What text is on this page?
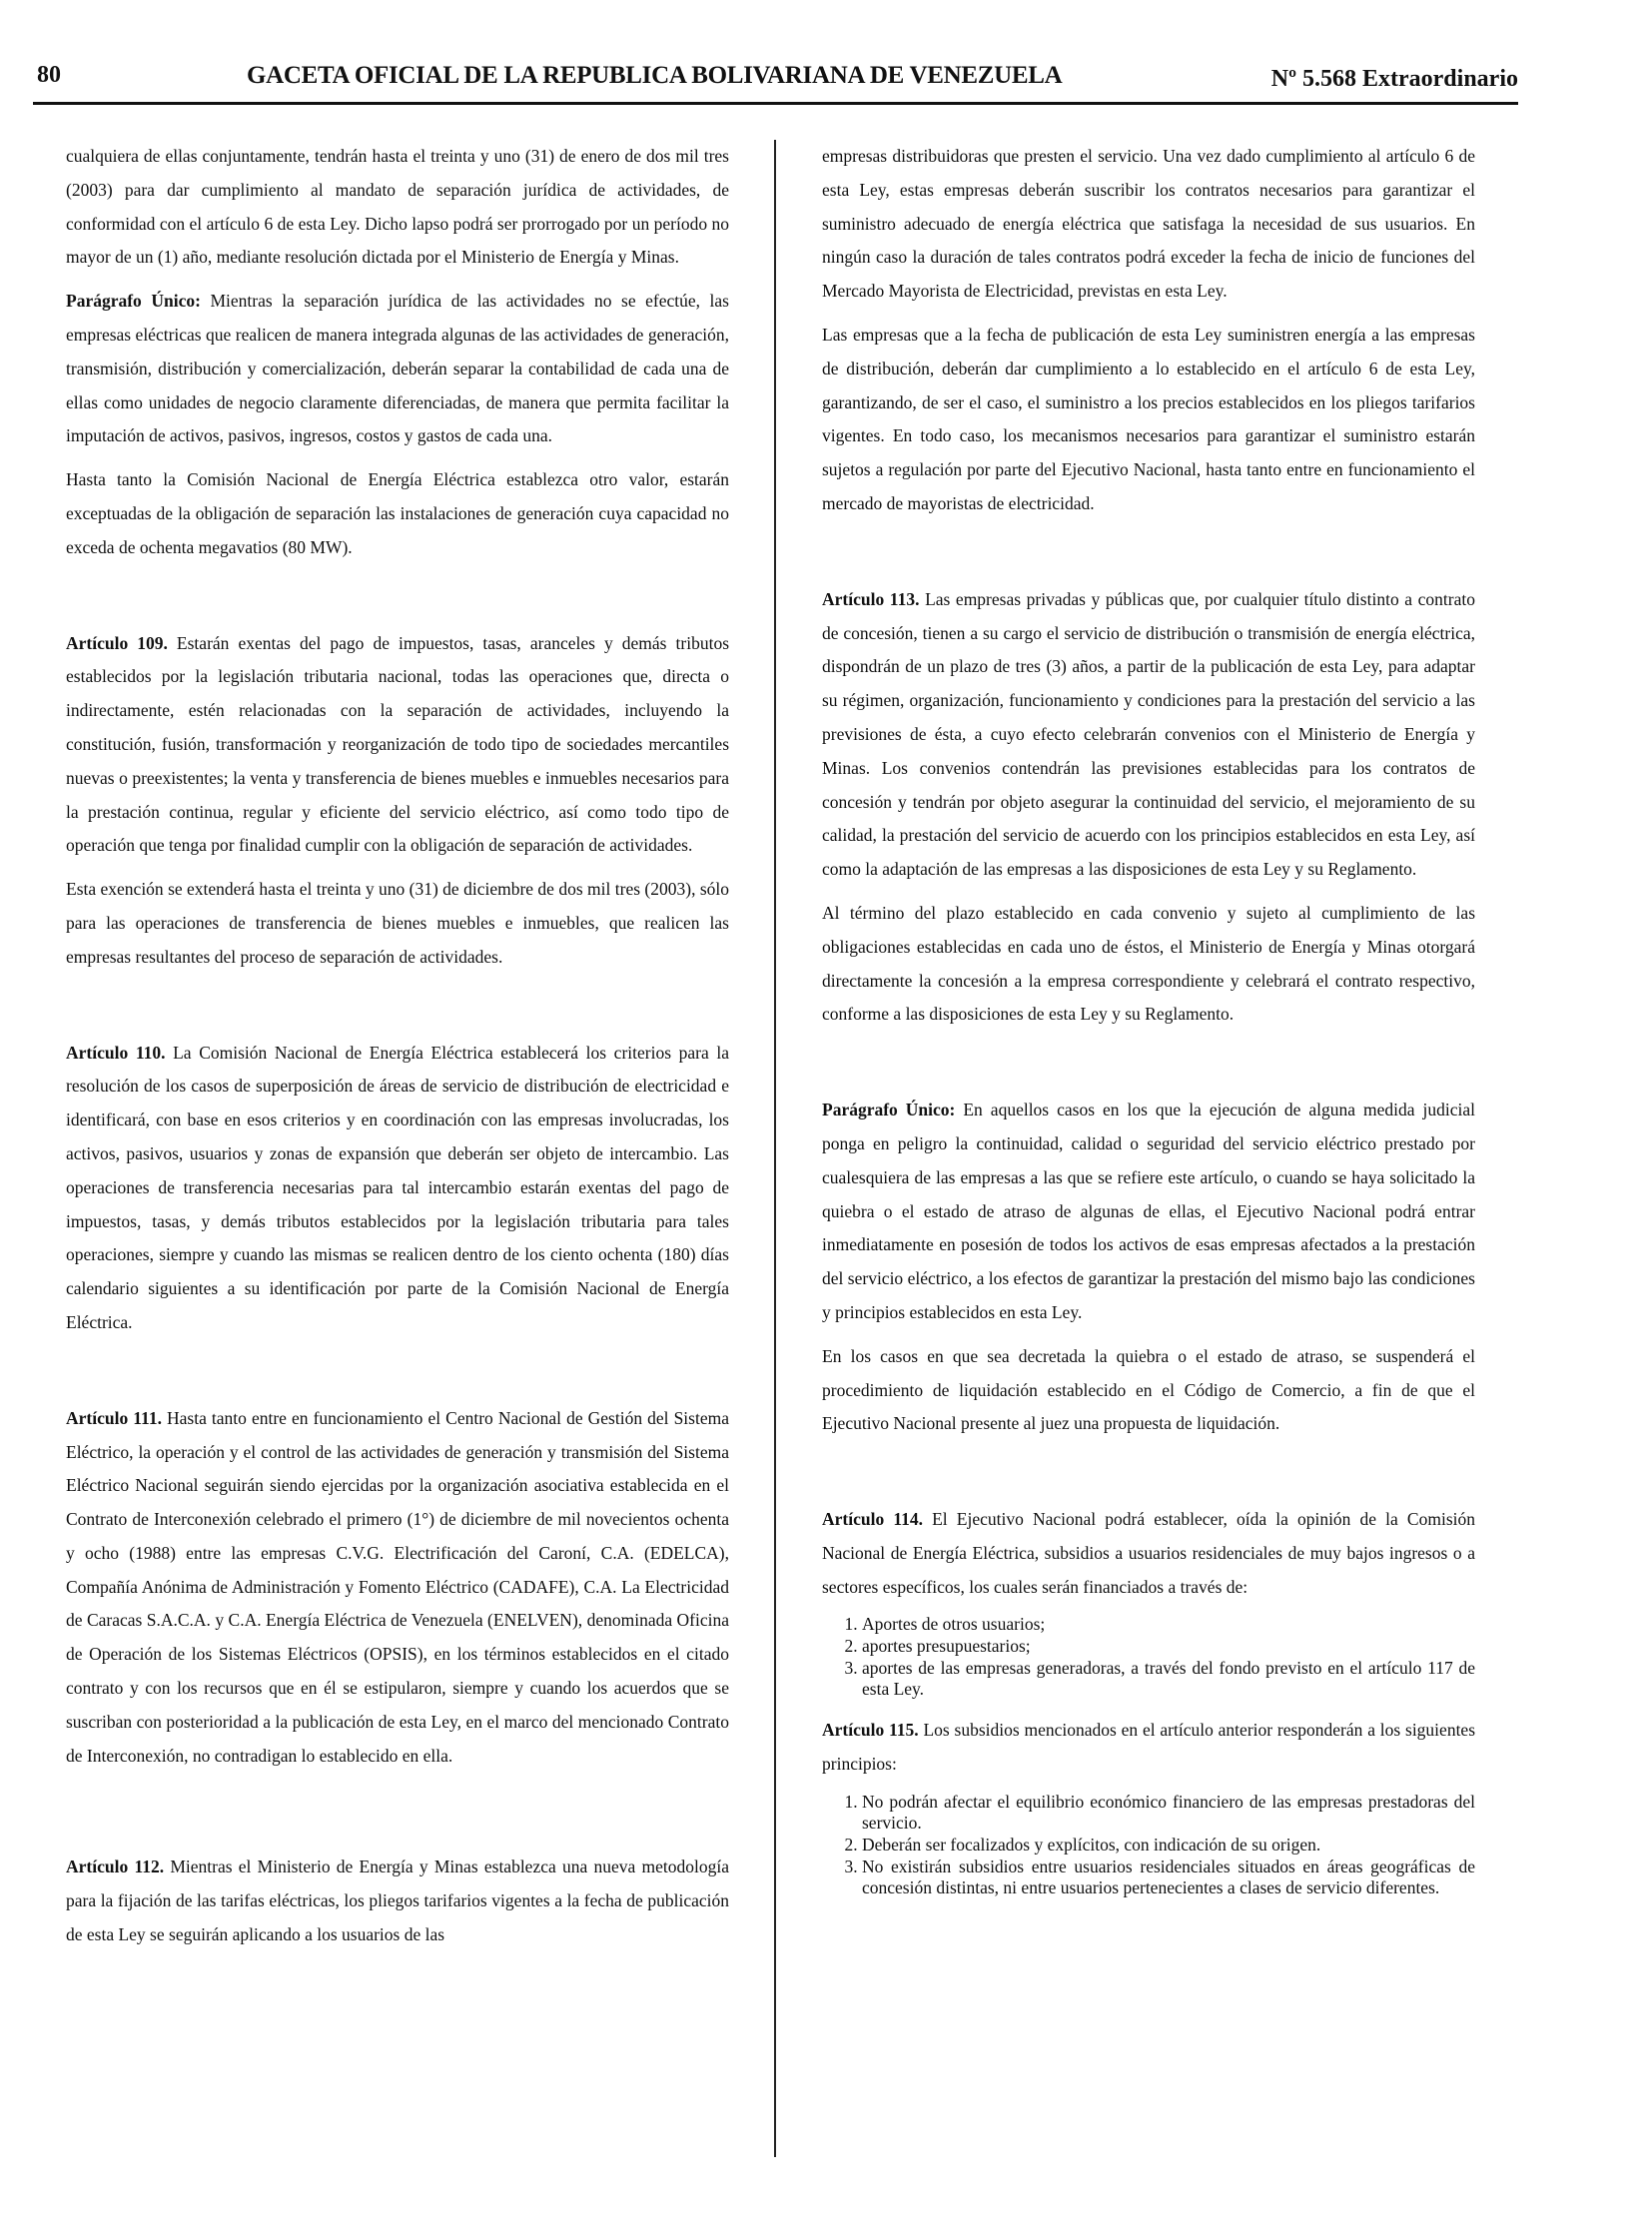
80	GACETA OFICIAL DE LA REPUBLICA BOLIVARIANA DE VENEZUELA	Nº 5.568 Extraordinario

cualquiera de ellas conjuntamente, tendrán hasta el treinta y uno (31) de enero de dos mil tres (2003) para dar cumplimiento al mandato de separación jurídica de actividades, de conformidad con el artículo 6 de esta Ley. Dicho lapso podrá ser prorrogado por un período no mayor de un (1) año, mediante resolución dictada por el Ministerio de Energía y Minas.

Parágrafo Único: Mientras la separación jurídica de las actividades no se efectúe, las empresas eléctricas que realicen de manera integrada algunas de las actividades de generación, transmisión, distribución y comercialización, deberán separar la contabilidad de cada una de ellas como unidades de negocio claramente diferenciadas, de manera que permita facilitar la imputación de activos, pasivos, ingresos, costos y gastos de cada una.

Hasta tanto la Comisión Nacional de Energía Eléctrica establezca otro valor, estarán exceptuadas de la obligación de separación las instalaciones de generación cuya capacidad no exceda de ochenta megavatios (80 MW).

Artículo 109. Estarán exentas del pago de impuestos, tasas, aranceles y demás tributos establecidos por la legislación tributaria nacional, todas las operaciones que, directa o indirectamente, estén relacionadas con la separación de actividades, incluyendo la constitución, fusión, transformación y reorganización de todo tipo de sociedades mercantiles nuevas o preexistentes; la venta y transferencia de bienes muebles e inmuebles necesarios para la prestación continua, regular y eficiente del servicio eléctrico, así como todo tipo de operación que tenga por finalidad cumplir con la obligación de separación de actividades.

Esta exención se extenderá hasta el treinta y uno (31) de diciembre de dos mil tres (2003), sólo para las operaciones de transferencia de bienes muebles e inmuebles, que realicen las empresas resultantes del proceso de separación de actividades.

Artículo 110. La Comisión Nacional de Energía Eléctrica establecerá los criterios para la resolución de los casos de superposición de áreas de servicio de distribución de electricidad e identificará, con base en esos criterios y en coordinación con las empresas involucradas, los activos, pasivos, usuarios y zonas de expansión que deberán ser objeto de intercambio. Las operaciones de transferencia necesarias para tal intercambio estarán exentas del pago de impuestos, tasas, y demás tributos establecidos por la legislación tributaria para tales operaciones, siempre y cuando las mismas se realicen dentro de los ciento ochenta (180) días calendario siguientes a su identificación por parte de la Comisión Nacional de Energía Eléctrica.

Artículo 111. Hasta tanto entre en funcionamiento el Centro Nacional de Gestión del Sistema Eléctrico, la operación y el control de las actividades de generación y transmisión del Sistema Eléctrico Nacional seguirán siendo ejercidas por la organización asociativa establecida en el Contrato de Interconexión celebrado el primero (1°) de diciembre de mil novecientos ochenta y ocho (1988) entre las empresas C.V.G. Electrificación del Caroní, C.A. (EDELCA), Compañía Anónima de Administración y Fomento Eléctrico (CADAFE), C.A. La Electricidad de Caracas S.A.C.A. y C.A. Energía Eléctrica de Venezuela (ENELVEN), denominada Oficina de Operación de los Sistemas Eléctricos (OPSIS), en los términos establecidos en el citado contrato y con los recursos que en él se estipularon, siempre y cuando los acuerdos que se suscriban con posterioridad a la publicación de esta Ley, en el marco del mencionado Contrato de Interconexión, no contradigan lo establecido en ella.

Artículo 112. Mientras el Ministerio de Energía y Minas establezca una nueva metodología para la fijación de las tarifas eléctricas, los pliegos tarifarios vigentes a la fecha de publicación de esta Ley se seguirán aplicando a los usuarios de las

empresas distribuidoras que presten el servicio. Una vez dado cumplimiento al artículo 6 de esta Ley, estas empresas deberán suscribir los contratos necesarios para garantizar el suministro adecuado de energía eléctrica que satisfaga la necesidad de sus usuarios. En ningún caso la duración de tales contratos podrá exceder la fecha de inicio de funciones del Mercado Mayorista de Electricidad, previstas en esta Ley.

Las empresas que a la fecha de publicación de esta Ley suministren energía a las empresas de distribución, deberán dar cumplimiento a lo establecido en el artículo 6 de esta Ley, garantizando, de ser el caso, el suministro a los precios establecidos en los pliegos tarifarios vigentes. En todo caso, los mecanismos necesarios para garantizar el suministro estarán sujetos a regulación por parte del Ejecutivo Nacional, hasta tanto entre en funcionamiento el mercado de mayoristas de electricidad.

Artículo 113. Las empresas privadas y públicas que, por cualquier título distinto a contrato de concesión, tienen a su cargo el servicio de distribución o transmisión de energía eléctrica, dispondrán de un plazo de tres (3) años, a partir de la publicación de esta Ley, para adaptar su régimen, organización, funcionamiento y condiciones para la prestación del servicio a las previsiones de ésta, a cuyo efecto celebrarán convenios con el Ministerio de Energía y Minas. Los convenios contendrán las previsiones establecidas para los contratos de concesión y tendrán por objeto asegurar la continuidad del servicio, el mejoramiento de su calidad, la prestación del servicio de acuerdo con los principios establecidos en esta Ley, así como la adaptación de las empresas a las disposiciones de esta Ley y su Reglamento.

Al término del plazo establecido en cada convenio y sujeto al cumplimiento de las obligaciones establecidas en cada uno de éstos, el Ministerio de Energía y Minas otorgará directamente la concesión a la empresa correspondiente y celebrará el contrato respectivo, conforme a las disposiciones de esta Ley y su Reglamento.

Parágrafo Único: En aquellos casos en los que la ejecución de alguna medida judicial ponga en peligro la continuidad, calidad o seguridad del servicio eléctrico prestado por cualesquiera de las empresas a las que se refiere este artículo, o cuando se haya solicitado la quiebra o el estado de atraso de algunas de ellas, el Ejecutivo Nacional podrá entrar inmediatamente en posesión de todos los activos de esas empresas afectados a la prestación del servicio eléctrico, a los efectos de garantizar la prestación del mismo bajo las condiciones y principios establecidos en esta Ley.

En los casos en que sea decretada la quiebra o el estado de atraso, se suspenderá el procedimiento de liquidación establecido en el Código de Comercio, a fin de que el Ejecutivo Nacional presente al juez una propuesta de liquidación.

Artículo 114. El Ejecutivo Nacional podrá establecer, oída la opinión de la Comisión Nacional de Energía Eléctrica, subsidios a usuarios residenciales de muy bajos ingresos o a sectores específicos, los cuales serán financiados a través de:

1. Aportes de otros usuarios;
2. aportes presupuestarios;
3. aportes de las empresas generadoras, a través del fondo previsto en el artículo 117 de esta Ley.

Artículo 115. Los subsidios mencionados en el artículo anterior responderán a los siguientes principios:

1. No podrán afectar el equilibrio económico financiero de las empresas prestadoras del servicio.
2. Deberán ser focalizados y explícitos, con indicación de su origen.
3. No existirán subsidios entre usuarios residenciales situados en áreas geográficas de concesión distintas, ni entre usuarios pertenecientes a clases de servicio diferentes.
